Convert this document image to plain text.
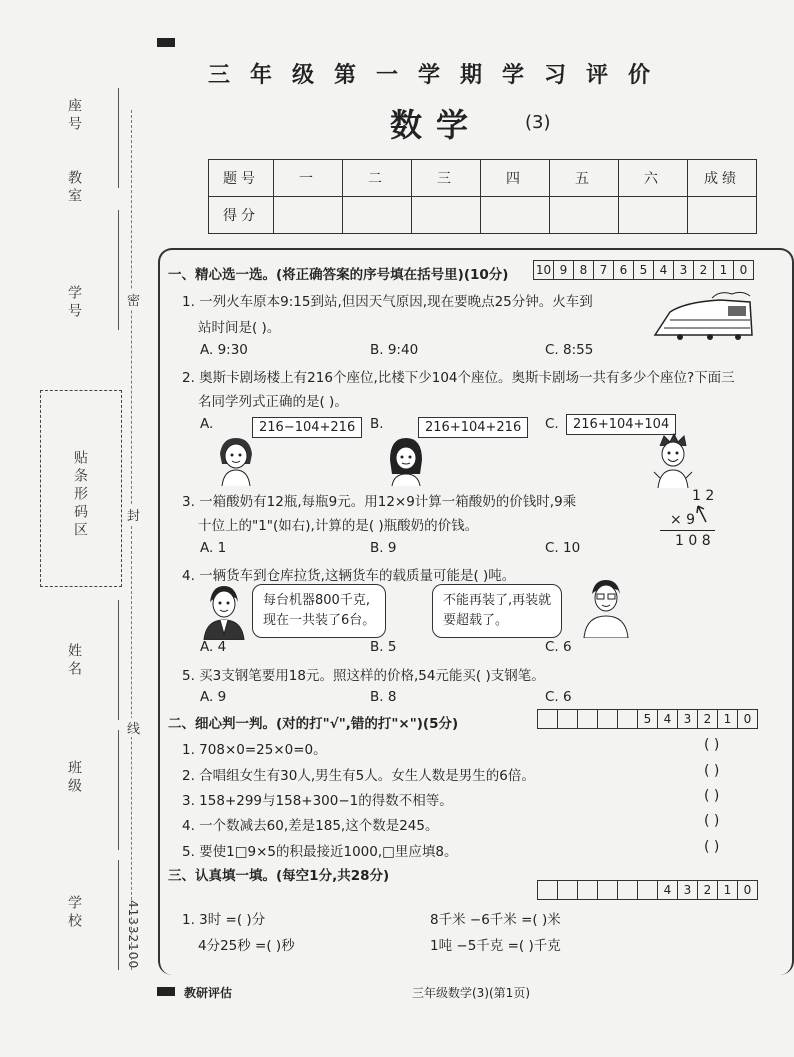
座号
教室
学号
贴条形码区
姓名
班级
学校	41332100
密
封
线
三年级第一学期学习评价
数学 (3)
题号	一	二	三	四	五	六	成绩
得分							
一、精心选一选。(将正确答案的序号填在括号里)(10分) 10 9	8	7	6	5	4	3	2	1	0
1. 一列火车原本9:15到站,但因天气原因,现在要晚点25分钟。火车到
站时间是( )。
A. 9:30	B. 9:40	C. 8:55
2. 奥斯卡剧场楼上有216个座位,比楼下少104个座位。奥斯卡剧场一共有多少个座位?下面三
名同学列式正确的是( )。
A.	B.	C.
216−104+216	216+104+216	216+104+104
3. 一箱酸奶有12瓶,每瓶9元。用12×9计算一箱酸奶的价钱时,9乘
十位上的"1"(如右),计算的是( )瓶酸奶的价钱。
1 2
× 9
1 0 8
A. 1	B. 9	C. 10
4. 一辆货车到仓库拉货,这辆货车的载质量可能是( )吨。
每台机器800千克,
现在一共装了6台。
不能再装了,再装就
要超载了。
A. 4	B. 5	C. 6
5. 买3支钢笔要用18元。照这样的价格,54元能买( )支钢笔。
A. 9	B. 8	C. 6
二、细心判一判。(对的打"√",错的打"×")(5分)	5	4	3	2	1	0
1. 708×0=25×0=0。
2. 合唱组女生有30人,男生有5人。女生人数是男生的6倍。
3. 158+299与158+300−1的得数不相等。
4. 一个数减去60,差是185,这个数是245。
5. 要使1□9×5的积最接近1000,□里应填8。
( )
( )
( )
( )
( )
三、认真填一填。(每空1分,共28分)
4	3	2	1	0
1. 3时 =( )分	8千米 −6千米 =( )米
4分25秒 =( )秒	1吨 −5千克 =( )千克
教研评估	三年级数学(3)(第1页)
